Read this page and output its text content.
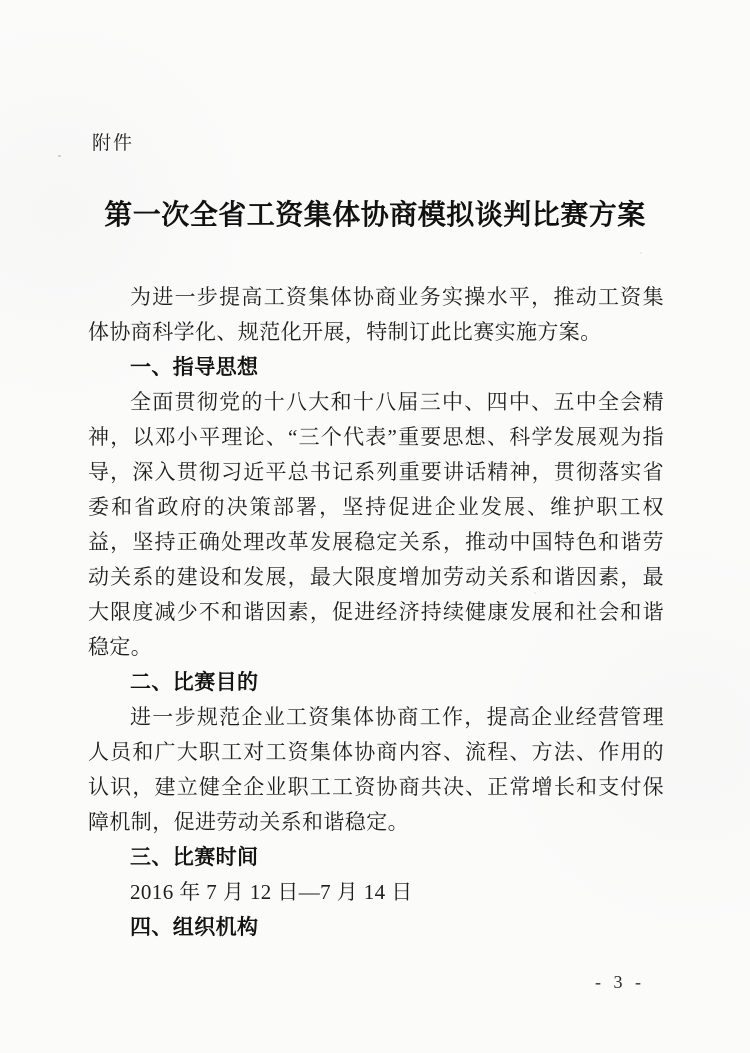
附件
第一次全省工资集体协商模拟谈判比赛方案

为进一步提高工资集体协商业务实操水平，推动工资集体协商科学化、规范化开展，特制订此比赛实施方案。

一、指导思想

全面贯彻党的十八大和十八届三中、四中、五中全会精神，以邓小平理论、“三个代表”重要思想、科学发展观为指导，深入贯彻习近平总书记系列重要讲话精神，贯彻落实省委和省政府的决策部署，坚持促进企业发展、维护职工权益，坚持正确处理改革发展稳定关系，推动中国特色和谐劳动关系的建设和发展，最大限度增加劳动关系和谐因素，最大限度减少不和谐因素，促进经济持续健康发展和社会和谐稳定。

二、比赛目的

进一步规范企业工资集体协商工作，提高企业经营管理人员和广大职工对工资集体协商内容、流程、方法、作用的认识，建立健全企业职工工资协商共决、正常增长和支付保障机制，促进劳动关系和谐稳定。

三、比赛时间

2016 年 7 月 12 日—7 月 14 日

四、组织机构

- 3 -
